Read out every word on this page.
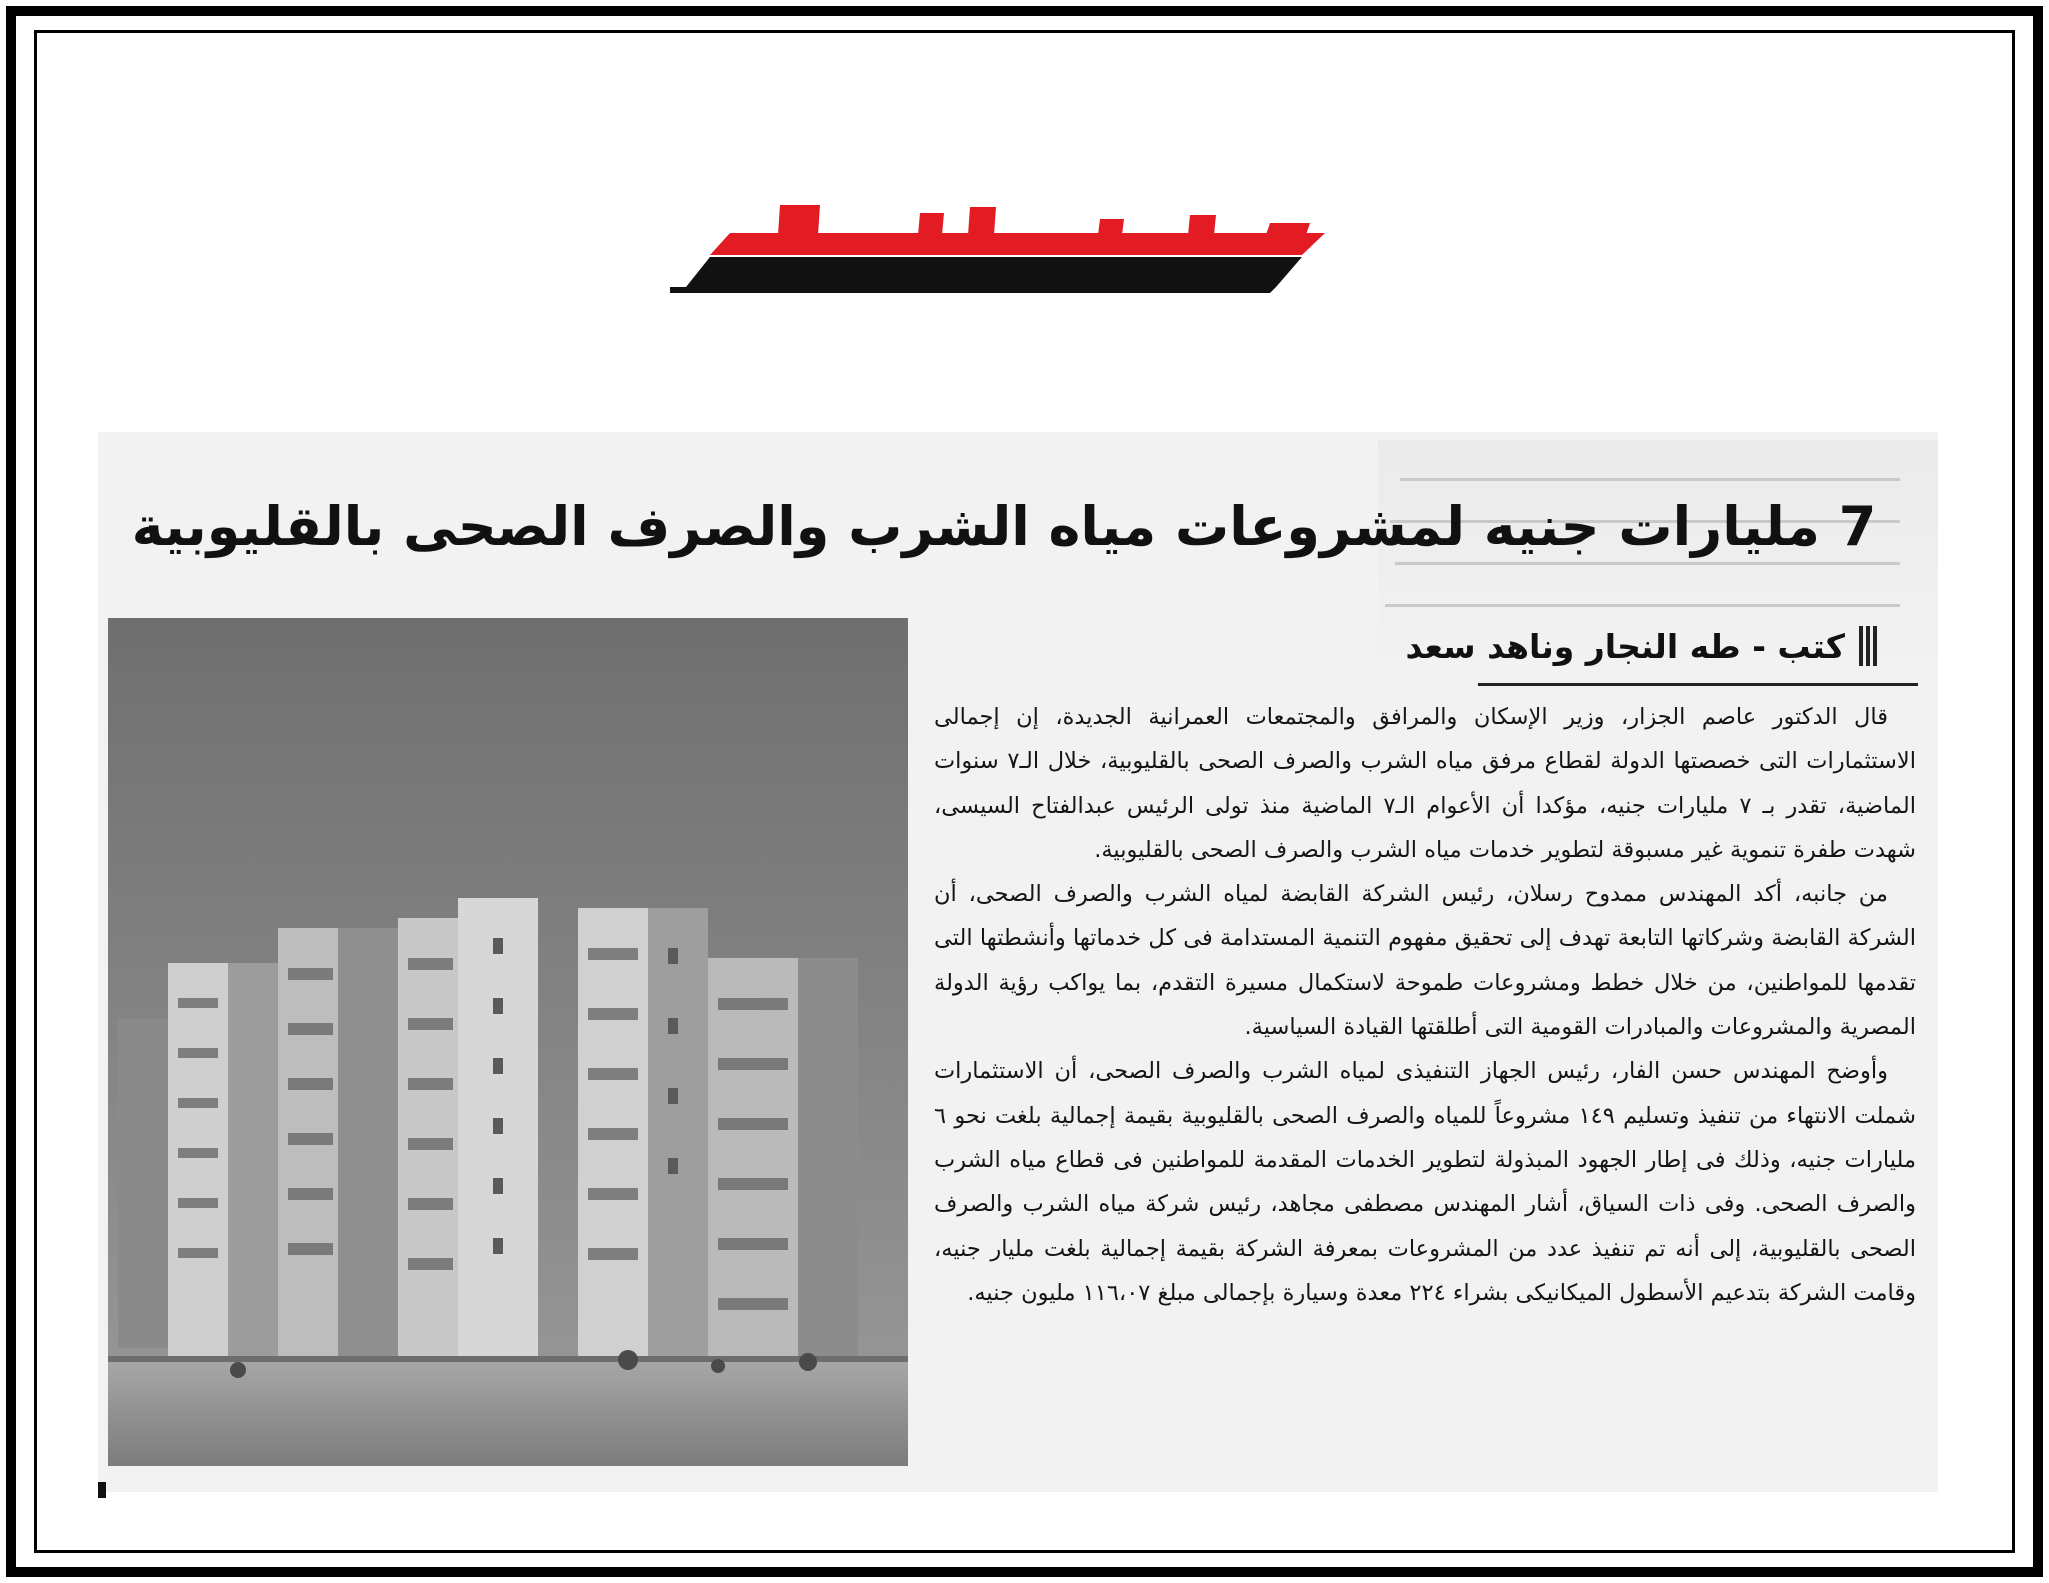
7 مليارات جنيه لمشروعات مياه الشرب والصرف الصحى بالقليوبية
كتب - طه النجار وناهد سعد

قال الدكتور عاصم الجزار، وزير الإسكان والمرافق والمجتمعات العمرانية الجديدة، إن إجمالى الاستثمارات التى خصصتها الدولة لقطاع مرفق مياه الشرب والصرف الصحى بالقليوبية، خلال الـ٧ سنوات الماضية، تقدر بـ ٧ مليارات جنيه، مؤكدا أن الأعوام الـ٧ الماضية منذ تولى الرئيس عبدالفتاح السيسى، شهدت طفرة تنموية غير مسبوقة لتطوير خدمات مياه الشرب والصرف الصحى بالقليوبية.

من جانبه، أكد المهندس ممدوح رسلان، رئيس الشركة القابضة لمياه الشرب والصرف الصحى، أن الشركة القابضة وشركاتها التابعة تهدف إلى تحقيق مفهوم التنمية المستدامة فى كل خدماتها وأنشطتها التى تقدمها للمواطنين، من خلال خطط ومشروعات طموحة لاستكمال مسيرة التقدم، بما يواكب رؤية الدولة المصرية والمشروعات والمبادرات القومية التى أطلقتها القيادة السياسية.

وأوضح المهندس حسن الفار، رئيس الجهاز التنفيذى لمياه الشرب والصرف الصحى، أن الاستثمارات شملت الانتهاء من تنفيذ وتسليم ١٤٩ مشروعاً للمياه والصرف الصحى بالقليوبية بقيمة إجمالية بلغت نحو ٦ مليارات جنيه، وذلك فى إطار الجهود المبذولة لتطوير الخدمات المقدمة للمواطنين فى قطاع مياه الشرب والصرف الصحى. وفى ذات السياق، أشار المهندس مصطفى مجاهد، رئيس شركة مياه الشرب والصرف الصحى بالقليوبية، إلى أنه تم تنفيذ عدد من المشروعات بمعرفة الشركة بقيمة إجمالية بلغت مليار جنيه، وقامت الشركة بتدعيم الأسطول الميكانيكى بشراء ٢٢٤ معدة وسيارة بإجمالى مبلغ ١١٦،٠٧ مليون جنيه.
